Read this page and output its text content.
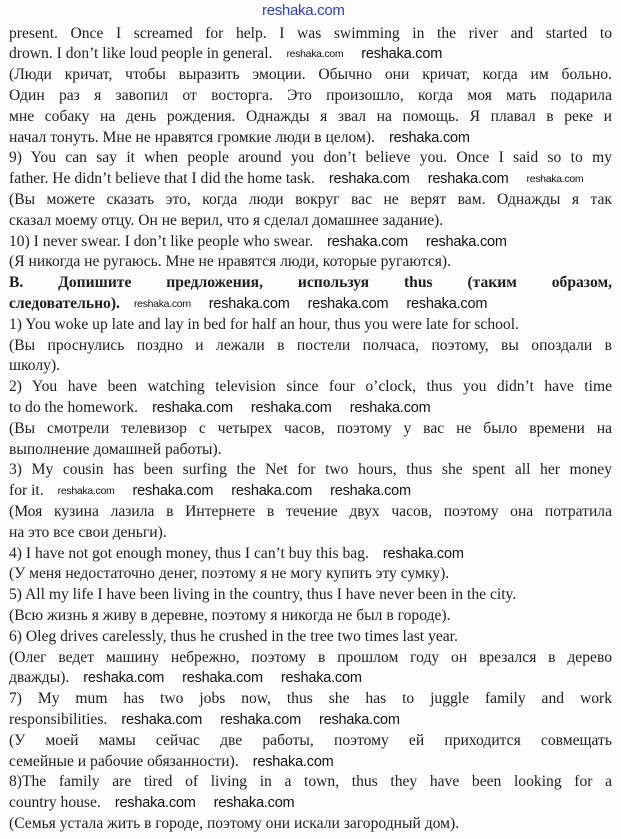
present. Once I screamed for help. I was swimming in the river and started to
drown. I don’t like loud people in general.
(Люди кричат, чтобы выразить эмоции. Обычно они кричат, когда им больно.
Один раз я завопил от восторга. Это произошло, когда моя мать подарила
мне собаку на день рождения. Однажды я звал на помощь. Я плавал в реке и
начал тонуть. Мне не нравятся громкие люди в целом).
9) You can say it when people around you don’t believe you. Once I said so to my
father. He didn’t believe that I did the home task.
(Вы можете сказать это, когда люди вокруг вас не верят вам. Однажды я так
сказал моему отцу. Он не верил, что я сделал домашнее задание).
10) I never swear. I don’t like people who swear.
(Я никогда не ругаюсь. Мне не нравятся люди, которые ругаются).
B. Допишите предложения, используя thus (таким образом,
следовательно).
1) You woke up late and lay in bed for half an hour, thus you were late for school.
(Вы проснулись поздно и лежали в постели полчаса, поэтому, вы опоздали в
школу).
2) You have been watching television since four o’clock, thus you didn’t have time
to do the homework.
(Вы смотрели телевизор с четырех часов, поэтому у вас не было времени на
выполнение домашней работы).
3) My cousin has been surfing the Net for two hours, thus she spent all her money
for it.
(Моя кузина лазила в Интернете в течение двух часов, поэтому она потратила
на это все свои деньги).
4) I have not got enough money, thus I can’t buy this bag.
(У меня недостаточно денег, поэтому я не могу купить эту сумку).
5) All my life I have been living in the country, thus I have never been in the city.
(Всю жизнь я живу в деревне, поэтому я никогда не был в городе).
6) Oleg drives carelessly, thus he crushed in the tree two times last year.
(Олег ведет машину небрежно, поэтому в прошлом году он врезался в дерево
дважды).
7) My mum has two jobs now, thus she has to juggle family and work
responsibilities.
(У моей мамы сейчас две работы, поэтому ей приходится совмещать
семейные и рабочие обязанности).
8)The family are tired of living in a town, thus they have been looking for a
country house.
(Семья устала жить в городе, поэтому они искали загородный дом).
reshaka.com
reshaka.com reshaka.com
reshaka.com
reshaka.com reshaka.com reshaka.com
reshaka.com reshaka.com
reshaka.com reshaka.com reshaka.com reshaka.com
reshaka.com reshaka.com reshaka.com
reshaka.com reshaka.com reshaka.com reshaka.com
reshaka.com
reshaka.com reshaka.com reshaka.com
reshaka.com reshaka.com reshaka.com
reshaka.com
reshaka.com reshaka.com
